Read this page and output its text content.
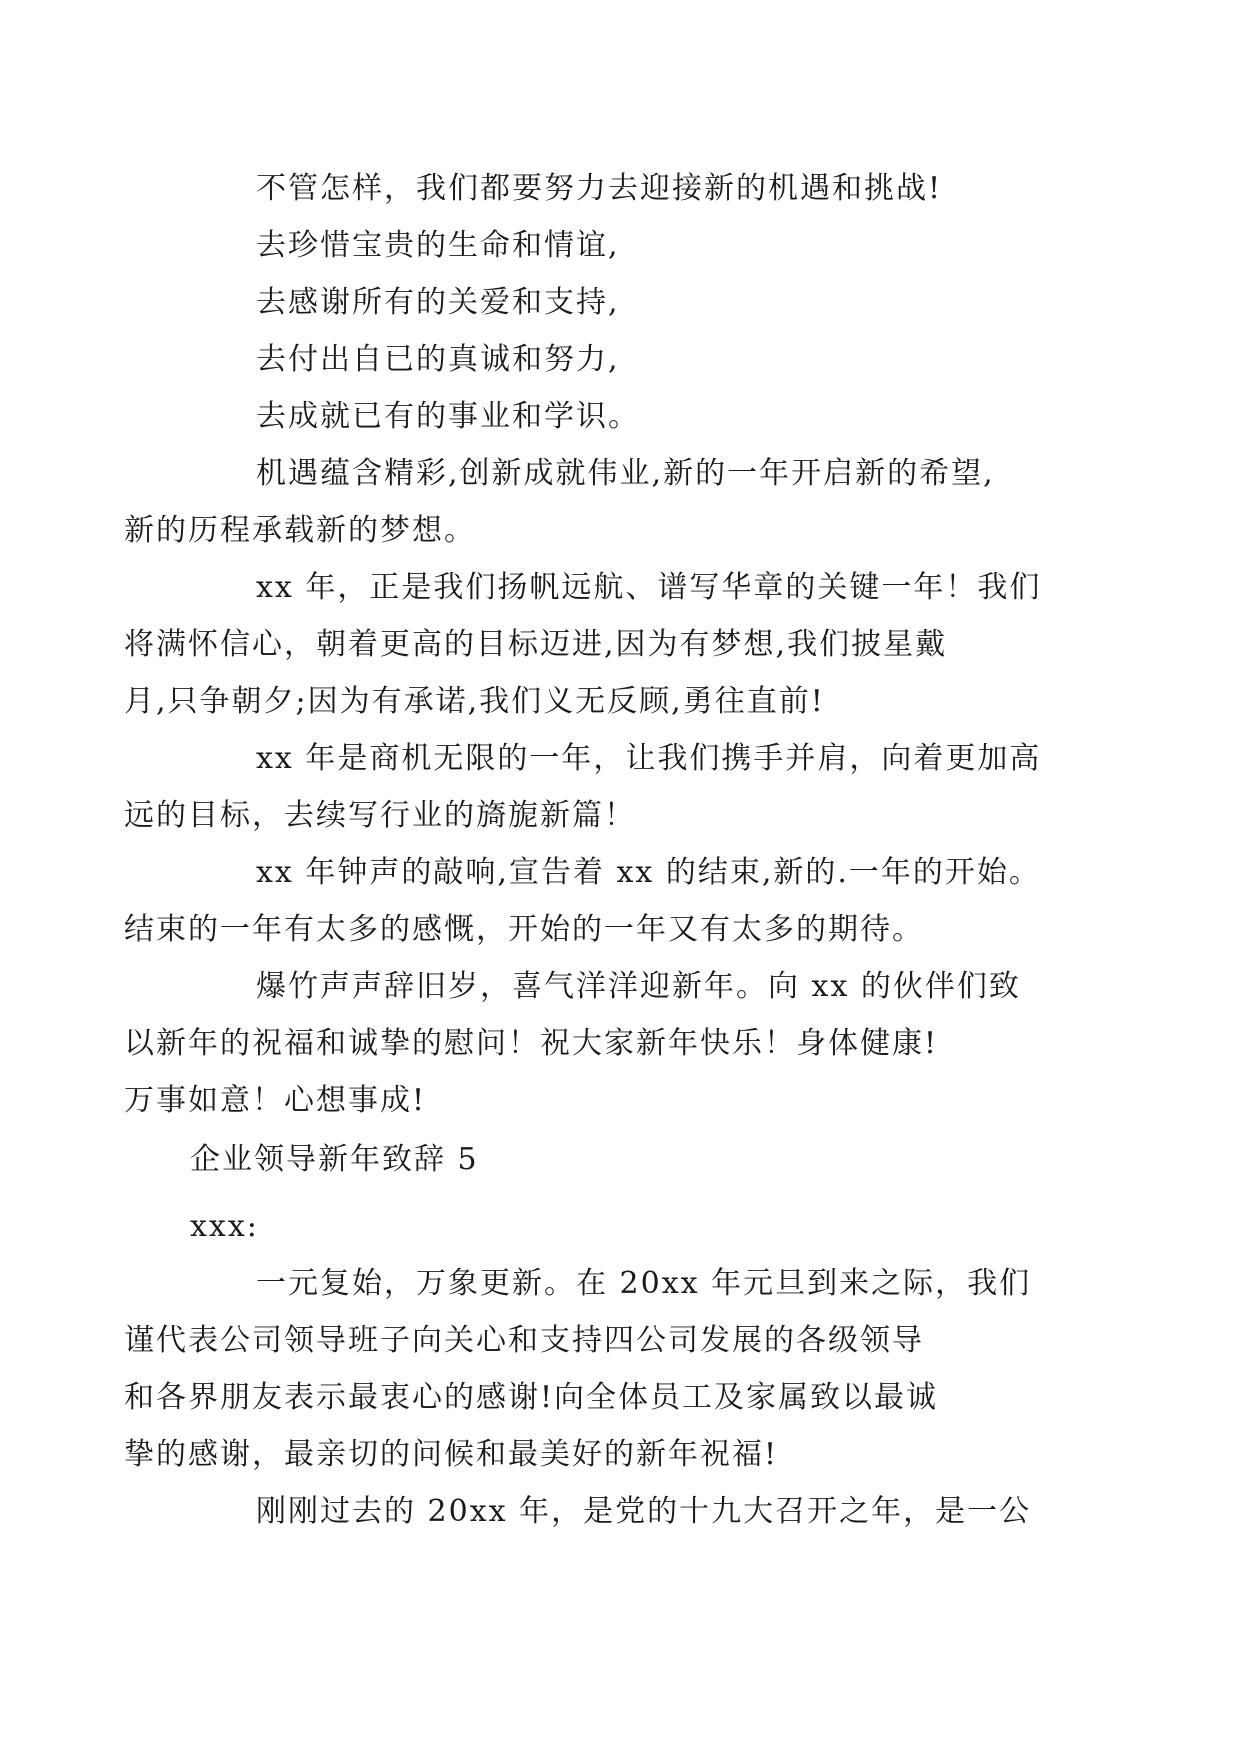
不管怎样，我们都要努力去迎接新的机遇和挑战!

去珍惜宝贵的生命和情谊,

去感谢所有的关爱和支持,

去付出自已的真诚和努力,

去成就已有的事业和学识。

机遇蕴含精彩,创新成就伟业,新的一年开启新的希望,
新的历程承载新的梦想。

xx 年，正是我们扬帆远航、谱写华章的关键一年！我们
将满怀信心，朝着更高的目标迈进,因为有梦想,我们披星戴
月,只争朝夕;因为有承诺,我们义无反顾,勇往直前!

xx 年是商机无限的一年，让我们携手并肩，向着更加高
远的目标，去续写行业的旖旎新篇！

xx 年钟声的敲响,宣告着 xx 的结束,新的.一年的开始。
结束的一年有太多的感慨，开始的一年又有太多的期待。

爆竹声声辞旧岁，喜气洋洋迎新年。向 xx 的伙伴们致
以新年的祝福和诚挚的慰问！祝大家新年快乐！身体健康!
万事如意！心想事成!

企业领导新年致辞 5

xxx:

一元复始，万象更新。在 20xx 年元旦到来之际，我们
谨代表公司领导班子向关心和支持四公司发展的各级领导
和各界朋友表示最衷心的感谢!向全体员工及家属致以最诚
挚的感谢，最亲切的问候和最美好的新年祝福!

刚刚过去的 20xx 年，是党的十九大召开之年，是一公
